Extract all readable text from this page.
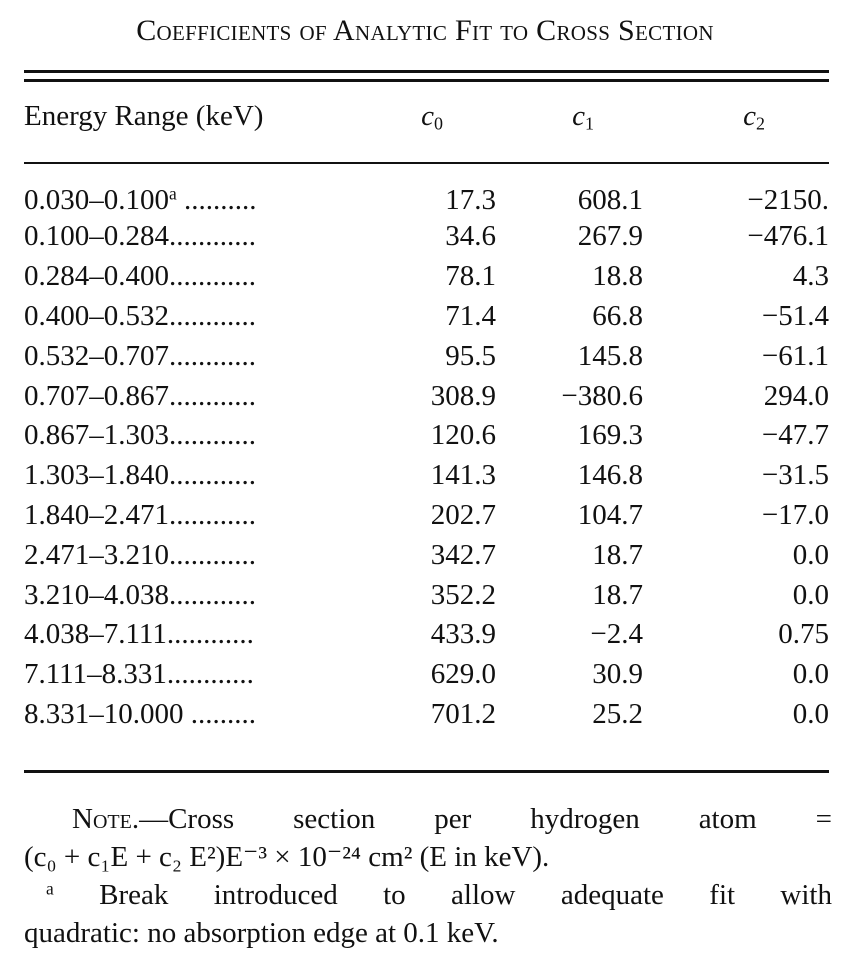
Coefficients of Analytic Fit to Cross Section
Energy Range (keV)	$c_0$	$c_1$	$c_2$
0.030–0.100$^a$ ..........	17.3	608.1	−2150.
0.100–0.284............	34.6	267.9	−476.1
0.284–0.400............	78.1	18.8	4.3
0.400–0.532............	71.4	66.8	−51.4
0.532–0.707............	95.5	145.8	−61.1
0.707–0.867............	308.9	−380.6	294.0
0.867–1.303............	120.6	169.3	−47.7
1.303–1.840............	141.3	146.8	−31.5
1.840–2.471............	202.7	104.7	−17.0
2.471–3.210............	342.7	18.7	0.0
3.210–4.038............	352.2	18.7	0.0
4.038–7.111............	433.9	−2.4	0.75
7.111–8.331............	629.0	30.9	0.0
8.331–10.000 .........	701.2	25.2	0.0

Note.—Cross section per hydrogen atom =

(c₀ + c₁E + c₂ E²)E⁻³ × 10⁻²⁴ cm² (E in keV).

$^a$ Break introduced to allow adequate fit with

quadratic: no absorption edge at 0.1 keV.
